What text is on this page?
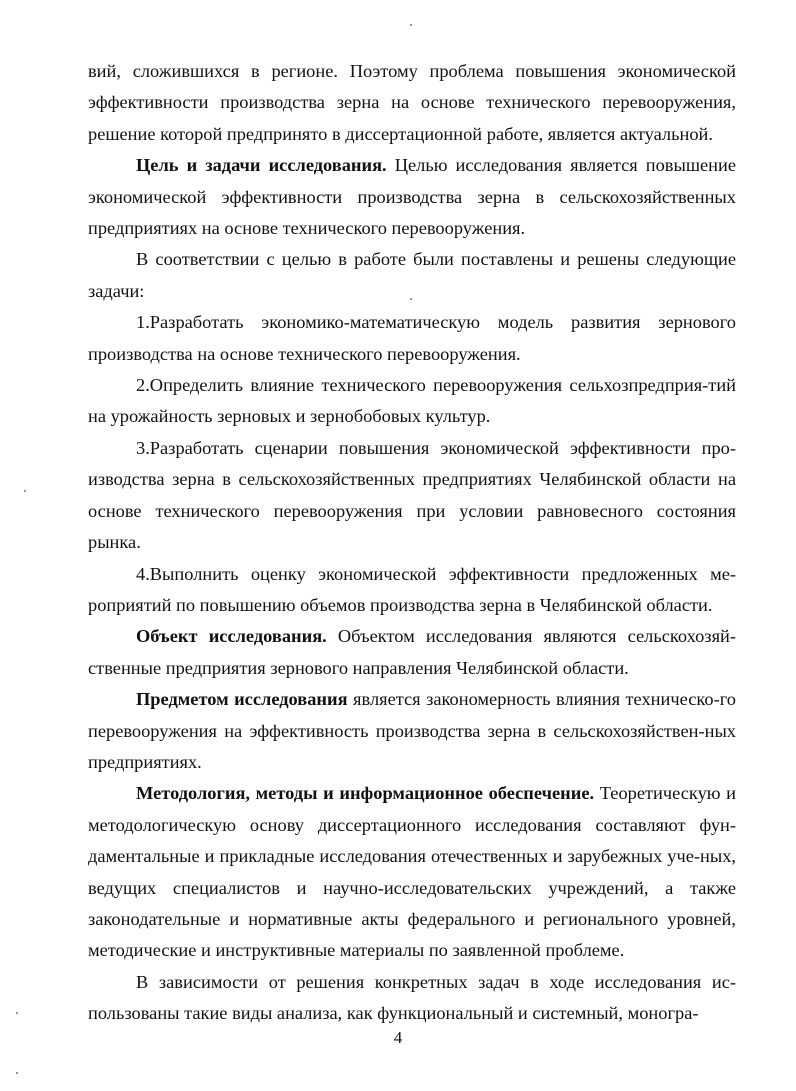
вий, сложившихся в регионе. Поэтому проблема повышения экономической эффективности производства зерна на основе технического перевооружения, решение которой предпринято в диссертационной работе, является актуальной.

Цель и задачи исследования. Целью исследования является повышение экономической эффективности производства зерна в сельскохозяйственных предприятиях на основе технического перевооружения.

В соответствии с целью в работе были поставлены и решены следующие задачи:

1.Разработать экономико-математическую модель развития зернового производства на основе технического перевооружения.

2.Определить влияние технического перевооружения сельхозпредприя-тий на урожайность зерновых и зернобобовых культур.

3.Разработать сценарии повышения экономической эффективности про-изводства зерна в сельскохозяйственных предприятиях Челябинской области на основе технического перевооружения при условии равновесного состояния рынка.

4.Выполнить оценку экономической эффективности предложенных ме-роприятий по повышению объемов производства зерна в Челябинской области.

Объект исследования. Объектом исследования являются сельскохозяй-ственные предприятия зернового направления Челябинской области.

Предметом исследования является закономерность влияния техническо-го перевооружения на эффективность производства зерна в сельскохозяйствен-ных предприятиях.

Методология, методы и информационное обеспечение. Теоретическую и методологическую основу диссертационного исследования составляют фун-даментальные и прикладные исследования отечественных и зарубежных уче-ных, ведущих специалистов и научно-исследовательских учреждений, а также законодательные и нормативные акты федерального и регионального уровней, методические и инструктивные материалы по заявленной проблеме.

В зависимости от решения конкретных задач в ходе исследования ис-пользованы такие виды анализа, как функциональный и системный, моногра-

4
